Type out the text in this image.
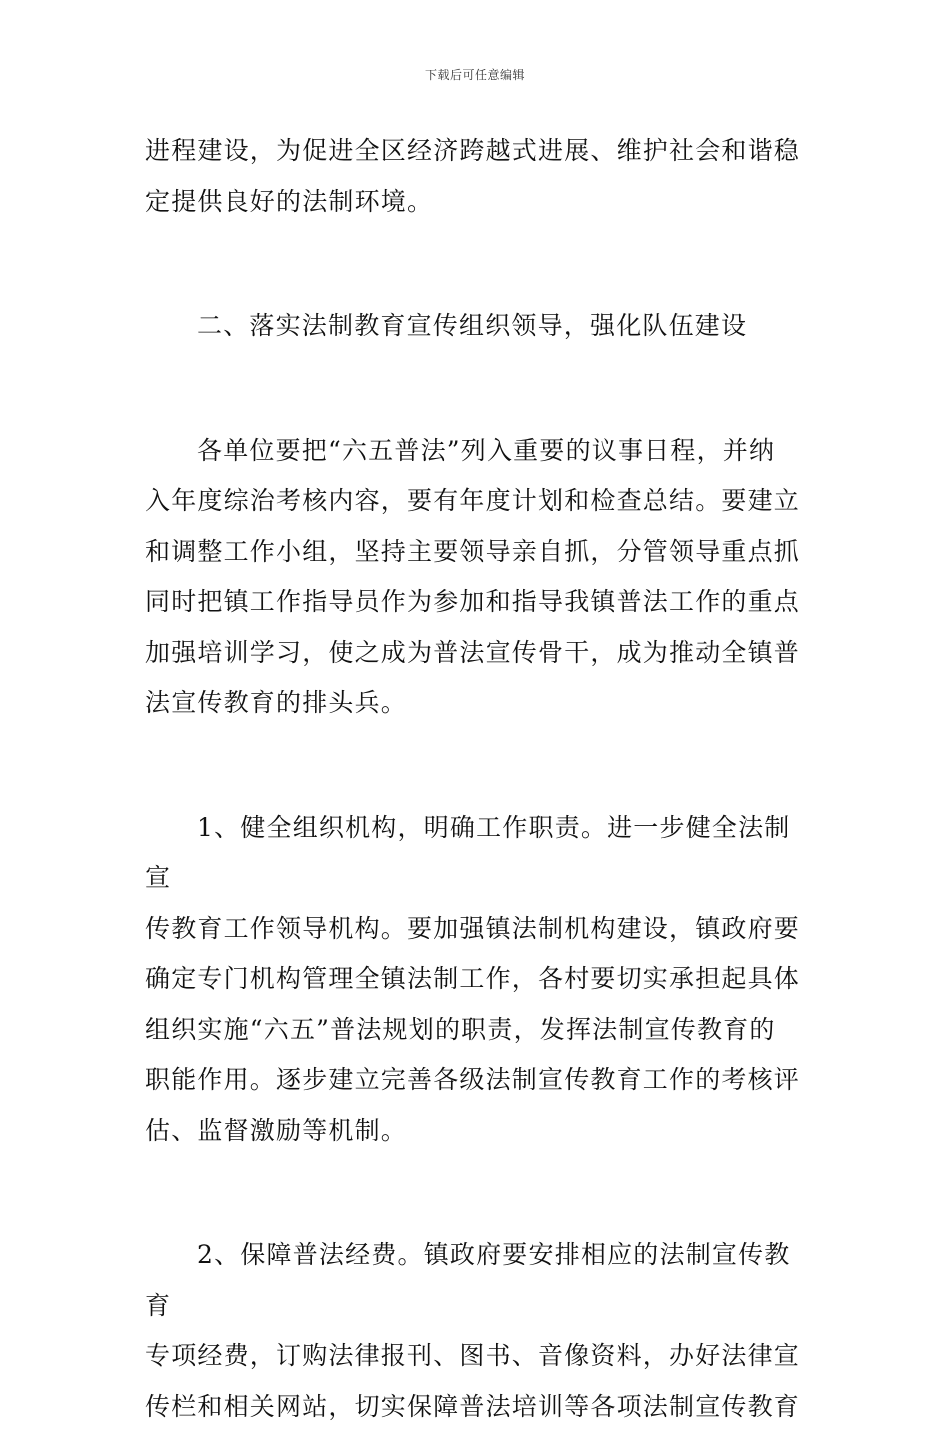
下载后可任意编辑
进程建设，为促进全区经济跨越式进展、维护社会和谐稳
定提供良好的法制环境。
二、落实法制教育宣传组织领导，强化队伍建设
各单位要把“六五普法”列入重要的议事日程，并纳
入年度综治考核内容，要有年度计划和检查总结。要建立
和调整工作小组，坚持主要领导亲自抓，分管领导重点抓
同时把镇工作指导员作为参加和指导我镇普法工作的重点
加强培训学习，使之成为普法宣传骨干，成为推动全镇普
法宣传教育的排头兵。
1、健全组织机构，明确工作职责。进一步健全法制宣
传教育工作领导机构。要加强镇法制机构建设，镇政府要
确定专门机构管理全镇法制工作，各村要切实承担起具体
组织实施“六五”普法规划的职责，发挥法制宣传教育的
职能作用。逐步建立完善各级法制宣传教育工作的考核评
估、监督激励等机制。
2、保障普法经费。镇政府要安排相应的法制宣传教育
专项经费，订购法律报刊、图书、音像资料，办好法律宣
传栏和相关网站，切实保障普法培训等各项法制宣传教育
